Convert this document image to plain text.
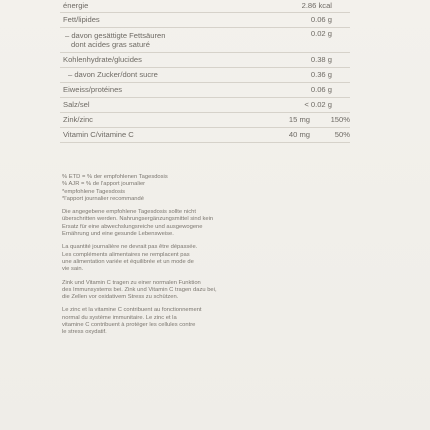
énergie	2.86 kcal
Fett/lipides	0.06 g
– davon gesättigte Fettsäuren
dont acides gras saturé
0.02 g
Kohlenhydrate/glucides	0.38 g
– davon Zucker/dont sucre	0.36 g
Eiweiss/protéines	0.06 g
Salz/sel	< 0.02 g
Zink/zinc	15 mg	150%
Vitamin C/vitamine C	40 mg	50%
% ETD = % der empfohlenen Tagesdosis
% AJR = % de l'apport journalier
*empfohlene Tagesdosis
*l'apport journalier recommandé
Die angegebene empfohlene Tagesdosis sollte nicht
überschritten werden. Nahrungsergänzungsmittel sind kein
Ersatz für eine abwechslungsreiche und ausgewogene
Ernährung und eine gesunde Lebensweise.
La quantité journalière ne devrait pas être dépassée.
Les compléments alimentaires ne remplacent pas
une alimentation variée et équilibrée et un mode de
vie sain.
Zink und Vitamin C tragen zu einer normalen Funktion
des Immunsystems bei. Zink und Vitamin C tragen dazu bei,
die Zellen vor oxidativem Stress zu schützen.
Le zinc et la vitamine C contribuent au fonctionnement
normal du système immunitaire. Le zinc et la
vitamine C contribuent à protéger les cellules contre
le stress oxydatif.
